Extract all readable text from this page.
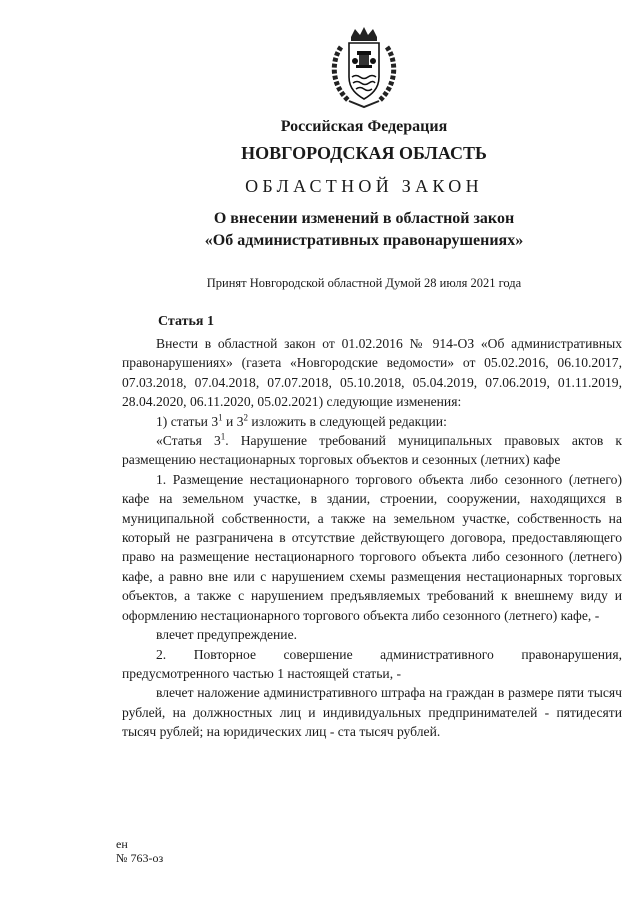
Российская Федерация
НОВГОРОДСКАЯ ОБЛАСТЬ
ОБЛАСТНОЙ ЗАКОН
О внесении изменений в областной закон
«Об административных правонарушениях»
Принят Новгородской областной Думой 28 июля 2021 года
Статья 1

Внести в областной закон от 01.02.2016 № 914-ОЗ «Об административных правонарушениях» (газета «Новгородские ведомости» от 05.02.2016, 06.10.2017, 07.03.2018, 07.04.2018, 07.07.2018, 05.10.2018, 05.04.2019, 07.06.2019, 01.11.2019, 28.04.2020, 06.11.2020, 05.02.2021) следующие изменения:

1) статьи $3^1$ и $3^2$ изложить в следующей редакции:

«Статья $3^1$. Нарушение требований муниципальных правовых актов к размещению нестационарных торговых объектов и сезонных (летних) кафе

1. Размещение нестационарного торгового объекта либо сезонного (летнего) кафе на земельном участке, в здании, строении, сооружении, находящихся в муниципальной собственности, а также на земельном участке, собственность на который не разграничена в отсутствие действующего договора, предоставляющего право на размещение нестационарного торгового объекта либо сезонного (летнего) кафе, а равно вне или с нарушением схемы размещения нестационарных торговых объектов, а также с нарушением предъявляемых требований к внешнему виду и оформлению нестационарного торгового объекта либо сезонного (летнего) кафе, -

влечет предупреждение.

2. Повторное совершение административного правонарушения, предусмотренного частью 1 настоящей статьи, -

влечет наложение административного штрафа на граждан в размере пяти тысяч рублей, на должностных лиц и индивидуальных предпринимателей - пятидесяти тысяч рублей; на юридических лиц - ста тысяч рублей.

ен
№ 763-оз
